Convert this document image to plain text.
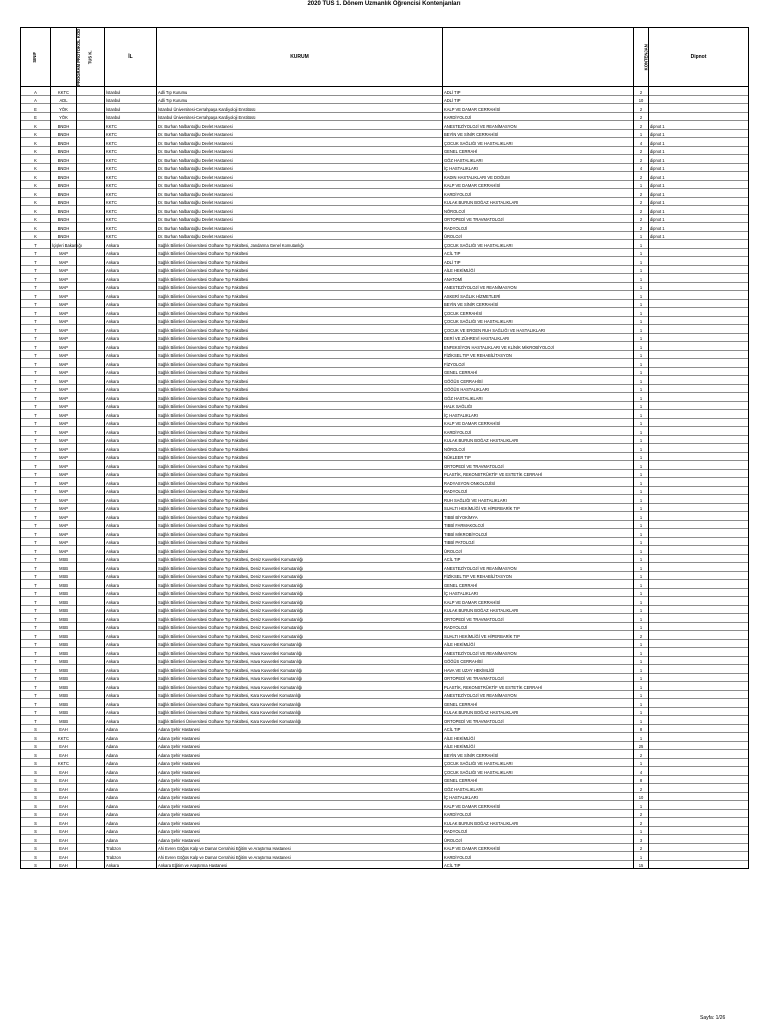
2020 TUS 1. Dönem Uzmanlık Öğrencisi Kontenjanları
SINIF	PROGRAM PROTOKOL KOD	TUS K.	İL	KURUM		KONTENJAN	Dipnot
A	KKTC		İstanbul	Adli Tıp Kurumu	ADLİ TIP	2	
A	ADL		İstanbul	Adli Tıp Kurumu	ADLİ TIP	10	
E	YÖK		İstanbul	İstanbul Üniversitesi-Cerrahpaşa Kardiyoloji Enstitüsü	KALP VE DAMAR CERRAHİSİ	2	
E	YÖK		İstanbul	İstanbul Üniversitesi-Cerrahpaşa Kardiyoloji Enstitüsü	KARDİYOLOJİ	2	
K	BNDH		KKTC	Dr. Burhan Nalbantoğlu Devlet Hastanesi	ANESTEZİYOLOJİ VE REANİMASYON	2	dipnot 1
K	BNDH		KKTC	Dr. Burhan Nalbantoğlu Devlet Hastanesi	BEYİN VE SİNİR CERRAHİSİ	1	dipnot 1
K	BNDH		KKTC	Dr. Burhan Nalbantoğlu Devlet Hastanesi	ÇOCUK SAĞLIĞI VE HASTALIKLARI	4	dipnot 1
K	BNDH		KKTC	Dr. Burhan Nalbantoğlu Devlet Hastanesi	GENEL CERRAHİ	2	dipnot 1
K	BNDH		KKTC	Dr. Burhan Nalbantoğlu Devlet Hastanesi	GÖZ HASTALIKLARI	2	dipnot 1
K	BNDH		KKTC	Dr. Burhan Nalbantoğlu Devlet Hastanesi	İÇ HASTALIKLARI	4	dipnot 1
K	BNDH		KKTC	Dr. Burhan Nalbantoğlu Devlet Hastanesi	KADIN HASTALIKLARI VE DOĞUM	2	dipnot 1
K	BNDH		KKTC	Dr. Burhan Nalbantoğlu Devlet Hastanesi	KALP VE DAMAR CERRAHİSİ	1	dipnot 1
K	BNDH		KKTC	Dr. Burhan Nalbantoğlu Devlet Hastanesi	KARDİYOLOJİ	2	dipnot 1
K	BNDH		KKTC	Dr. Burhan Nalbantoğlu Devlet Hastanesi	KULAK BURUN BOĞAZ HASTALIKLARI	2	dipnot 1
K	BNDH		KKTC	Dr. Burhan Nalbantoğlu Devlet Hastanesi	NÖROLOJİ	2	dipnot 1
K	BNDH		KKTC	Dr. Burhan Nalbantoğlu Devlet Hastanesi	ORTOPEDİ VE TRAVMATOLOJİ	2	dipnot 1
K	BNDH		KKTC	Dr. Burhan Nalbantoğlu Devlet Hastanesi	RADYOLOJİ	2	dipnot 1
K	BNDH		KKTC	Dr. Burhan Nalbantoğlu Devlet Hastanesi	ÜROLOJİ	1	dipnot 1
T	İçişleri Bakanlığı		Ankara	Sağlık Bilimleri Üniversitesi Gülhane Tıp Fakültesi, Jandarma Genel Komutanlığı	ÇOCUK SAĞLIĞI VE HASTALIKLARI	1	
T	MAP		Ankara	Sağlık Bilimleri Üniversitesi Gülhane Tıp Fakültesi	ACİL TIP	1	
T	MAP		Ankara	Sağlık Bilimleri Üniversitesi Gülhane Tıp Fakültesi	ADLİ TIP	1	
T	MAP		Ankara	Sağlık Bilimleri Üniversitesi Gülhane Tıp Fakültesi	AİLE HEKİMLİĞİ	1	
T	MAP		Ankara	Sağlık Bilimleri Üniversitesi Gülhane Tıp Fakültesi	ANATOMİ	1	
T	MAP		Ankara	Sağlık Bilimleri Üniversitesi Gülhane Tıp Fakültesi	ANESTEZİYOLOJİ VE REANİMASYON	1	
T	MAP		Ankara	Sağlık Bilimleri Üniversitesi Gülhane Tıp Fakültesi	ASKERİ SAĞLIK HİZMETLERİ	1	
T	MAP		Ankara	Sağlık Bilimleri Üniversitesi Gülhane Tıp Fakültesi	BEYİN VE SİNİR CERRAHİSİ	1	
T	MAP		Ankara	Sağlık Bilimleri Üniversitesi Gülhane Tıp Fakültesi	ÇOCUK CERRAHİSİ	1	
T	MAP		Ankara	Sağlık Bilimleri Üniversitesi Gülhane Tıp Fakültesi	ÇOCUK SAĞLIĞI VE HASTALIKLARI	1	
T	MAP		Ankara	Sağlık Bilimleri Üniversitesi Gülhane Tıp Fakültesi	ÇOCUK VE ERGEN RUH SAĞLIĞI VE HASTALIKLARI	1	
T	MAP		Ankara	Sağlık Bilimleri Üniversitesi Gülhane Tıp Fakültesi	DERİ VE ZÜHREVİ HASTALIKLARI	1	
T	MAP		Ankara	Sağlık Bilimleri Üniversitesi Gülhane Tıp Fakültesi	ENFEKSİYON HASTALIKLARI VE KLİNİK MİKROBİYOLOJİ	1	
T	MAP		Ankara	Sağlık Bilimleri Üniversitesi Gülhane Tıp Fakültesi	FİZİKSEL TIP VE REHABİLİTASYON	1	
T	MAP		Ankara	Sağlık Bilimleri Üniversitesi Gülhane Tıp Fakültesi	FİZYOLOJİ	1	
T	MAP		Ankara	Sağlık Bilimleri Üniversitesi Gülhane Tıp Fakültesi	GENEL CERRAHİ	1	
T	MAP		Ankara	Sağlık Bilimleri Üniversitesi Gülhane Tıp Fakültesi	GÖĞÜS CERRAHİSİ	1	
T	MAP		Ankara	Sağlık Bilimleri Üniversitesi Gülhane Tıp Fakültesi	GÖĞÜS HASTALIKLARI	1	
T	MAP		Ankara	Sağlık Bilimleri Üniversitesi Gülhane Tıp Fakültesi	GÖZ HASTALIKLARI	1	
T	MAP		Ankara	Sağlık Bilimleri Üniversitesi Gülhane Tıp Fakültesi	HALK SAĞLIĞI	1	
T	MAP		Ankara	Sağlık Bilimleri Üniversitesi Gülhane Tıp Fakültesi	İÇ HASTALIKLARI	1	
T	MAP		Ankara	Sağlık Bilimleri Üniversitesi Gülhane Tıp Fakültesi	KALP VE DAMAR CERRAHİSİ	1	
T	MAP		Ankara	Sağlık Bilimleri Üniversitesi Gülhane Tıp Fakültesi	KARDİYOLOJİ	1	
T	MAP		Ankara	Sağlık Bilimleri Üniversitesi Gülhane Tıp Fakültesi	KULAK BURUN BOĞAZ HASTALIKLARI	1	
T	MAP		Ankara	Sağlık Bilimleri Üniversitesi Gülhane Tıp Fakültesi	NÖROLOJİ	1	
T	MAP		Ankara	Sağlık Bilimleri Üniversitesi Gülhane Tıp Fakültesi	NÜKLEER TIP	1	
T	MAP		Ankara	Sağlık Bilimleri Üniversitesi Gülhane Tıp Fakültesi	ORTOPEDİ VE TRAVMATOLOJİ	1	
T	MAP		Ankara	Sağlık Bilimleri Üniversitesi Gülhane Tıp Fakültesi	PLASTİK, REKONSTRÜKTİF VE ESTETİK CERRAHİ	1	
T	MAP		Ankara	Sağlık Bilimleri Üniversitesi Gülhane Tıp Fakültesi	RADYASYON ONKOLOJİSİ	1	
T	MAP		Ankara	Sağlık Bilimleri Üniversitesi Gülhane Tıp Fakültesi	RADYOLOJİ	1	
T	MAP		Ankara	Sağlık Bilimleri Üniversitesi Gülhane Tıp Fakültesi	RUH SAĞLIĞI VE HASTALIKLARI	1	
T	MAP		Ankara	Sağlık Bilimleri Üniversitesi Gülhane Tıp Fakültesi	SUALTI HEKİMLİĞİ VE HİPERBARİK TIP	1	
T	MAP		Ankara	Sağlık Bilimleri Üniversitesi Gülhane Tıp Fakültesi	TIBBİ BİYOKİMYA	1	
T	MAP		Ankara	Sağlık Bilimleri Üniversitesi Gülhane Tıp Fakültesi	TIBBİ FARMAKOLOJİ	1	
T	MAP		Ankara	Sağlık Bilimleri Üniversitesi Gülhane Tıp Fakültesi	TIBBİ MİKROBİYOLOJİ	1	
T	MAP		Ankara	Sağlık Bilimleri Üniversitesi Gülhane Tıp Fakültesi	TIBBİ PATOLOJİ	1	
T	MAP		Ankara	Sağlık Bilimleri Üniversitesi Gülhane Tıp Fakültesi	ÜROLOJİ	1	
T	MSB		Ankara	Sağlık Bilimleri Üniversitesi Gülhane Tıp Fakültesi, Deniz Kuvvetleri Komutanlığı	ACİL TIP	1	
T	MSB		Ankara	Sağlık Bilimleri Üniversitesi Gülhane Tıp Fakültesi, Deniz Kuvvetleri Komutanlığı	ANESTEZİYOLOJİ VE REANİMASYON	1	
T	MSB		Ankara	Sağlık Bilimleri Üniversitesi Gülhane Tıp Fakültesi, Deniz Kuvvetleri Komutanlığı	FİZİKSEL TIP VE REHABİLİTASYON	1	
T	MSB		Ankara	Sağlık Bilimleri Üniversitesi Gülhane Tıp Fakültesi, Deniz Kuvvetleri Komutanlığı	GENEL CERRAHİ	1	
T	MSB		Ankara	Sağlık Bilimleri Üniversitesi Gülhane Tıp Fakültesi, Deniz Kuvvetleri Komutanlığı	İÇ HASTALIKLARI	1	
T	MSB		Ankara	Sağlık Bilimleri Üniversitesi Gülhane Tıp Fakültesi, Deniz Kuvvetleri Komutanlığı	KALP VE DAMAR CERRAHİSİ	1	
T	MSB		Ankara	Sağlık Bilimleri Üniversitesi Gülhane Tıp Fakültesi, Deniz Kuvvetleri Komutanlığı	KULAK BURUN BOĞAZ HASTALIKLARI	1	
T	MSB		Ankara	Sağlık Bilimleri Üniversitesi Gülhane Tıp Fakültesi, Deniz Kuvvetleri Komutanlığı	ORTOPEDİ VE TRAVMATOLOJİ	1	
T	MSB		Ankara	Sağlık Bilimleri Üniversitesi Gülhane Tıp Fakültesi, Deniz Kuvvetleri Komutanlığı	RADYOLOJİ	1	
T	MSB		Ankara	Sağlık Bilimleri Üniversitesi Gülhane Tıp Fakültesi, Deniz Kuvvetleri Komutanlığı	SUALTI HEKİMLİĞİ VE HİPERBARİK TIP	2	
T	MSB		Ankara	Sağlık Bilimleri Üniversitesi Gülhane Tıp Fakültesi, Hava Kuvvetleri Komutanlığı	AİLE HEKİMLİĞİ	1	
T	MSB		Ankara	Sağlık Bilimleri Üniversitesi Gülhane Tıp Fakültesi, Hava Kuvvetleri Komutanlığı	ANESTEZİYOLOJİ VE REANİMASYON	1	
T	MSB		Ankara	Sağlık Bilimleri Üniversitesi Gülhane Tıp Fakültesi, Hava Kuvvetleri Komutanlığı	GÖĞÜS CERRAHİSİ	1	
T	MSB		Ankara	Sağlık Bilimleri Üniversitesi Gülhane Tıp Fakültesi, Hava Kuvvetleri Komutanlığı	HAVA VE UZAY HEKİMLİĞİ	1	
T	MSB		Ankara	Sağlık Bilimleri Üniversitesi Gülhane Tıp Fakültesi, Hava Kuvvetleri Komutanlığı	ORTOPEDİ VE TRAVMATOLOJİ	1	
T	MSB		Ankara	Sağlık Bilimleri Üniversitesi Gülhane Tıp Fakültesi, Hava Kuvvetleri Komutanlığı	PLASTİK, REKONSTRÜKTİF VE ESTETİK CERRAHİ	1	
T	MSB		Ankara	Sağlık Bilimleri Üniversitesi Gülhane Tıp Fakültesi, Kara Kuvvetleri Komutanlığı	ANESTEZİYOLOJİ VE REANİMASYON	1	
T	MSB		Ankara	Sağlık Bilimleri Üniversitesi Gülhane Tıp Fakültesi, Kara Kuvvetleri Komutanlığı	GENEL CERRAHİ	1	
T	MSB		Ankara	Sağlık Bilimleri Üniversitesi Gülhane Tıp Fakültesi, Kara Kuvvetleri Komutanlığı	KULAK BURUN BOĞAZ HASTALIKLARI	1	
T	MSB		Ankara	Sağlık Bilimleri Üniversitesi Gülhane Tıp Fakültesi, Kara Kuvvetleri Komutanlığı	ORTOPEDİ VE TRAVMATOLOJİ	1	
S	EAH		Adana	Adana Şehir Hastanesi	ACİL TIP	8	
S	KKTC		Adana	Adana Şehir Hastanesi	AİLE HEKİMLİĞİ	1	
S	EAH		Adana	Adana Şehir Hastanesi	AİLE HEKİMLİĞİ	25	
S	EAH		Adana	Adana Şehir Hastanesi	BEYİN VE SİNİR CERRAHİSİ	2	
S	KKTC		Adana	Adana Şehir Hastanesi	ÇOCUK SAĞLIĞI VE HASTALIKLARI	1	
S	EAH		Adana	Adana Şehir Hastanesi	ÇOCUK SAĞLIĞI VE HASTALIKLARI	4	
S	EAH		Adana	Adana Şehir Hastanesi	GENEL CERRAHİ	8	
S	EAH		Adana	Adana Şehir Hastanesi	GÖZ HASTALIKLARI	2	
S	EAH		Adana	Adana Şehir Hastanesi	İÇ HASTALIKLARI	10	
S	EAH		Adana	Adana Şehir Hastanesi	KALP VE DAMAR CERRAHİSİ	1	
S	EAH		Adana	Adana Şehir Hastanesi	KARDİYOLOJİ	2	
S	EAH		Adana	Adana Şehir Hastanesi	KULAK BURUN BOĞAZ HASTALIKLARI	2	
S	EAH		Adana	Adana Şehir Hastanesi	RADYOLOJİ	1	
S	EAH		Adana	Adana Şehir Hastanesi	ÜROLOJİ	3	
S	EAH		Trabzon	Ahi Evren Göğüs Kalp ve Damar Cerrahisi Eğitim ve Araştırma Hastanesi	KALP VE DAMAR CERRAHİSİ	2	
S	EAH		Trabzon	Ahi Evren Göğüs Kalp ve Damar Cerrahisi Eğitim ve Araştırma Hastanesi	KARDİYOLOJİ	1	
S	EAH		Ankara	Ankara Eğitim ve Araştırma Hastanesi	ACİL TIP	15	
Sayfa: 1/26
